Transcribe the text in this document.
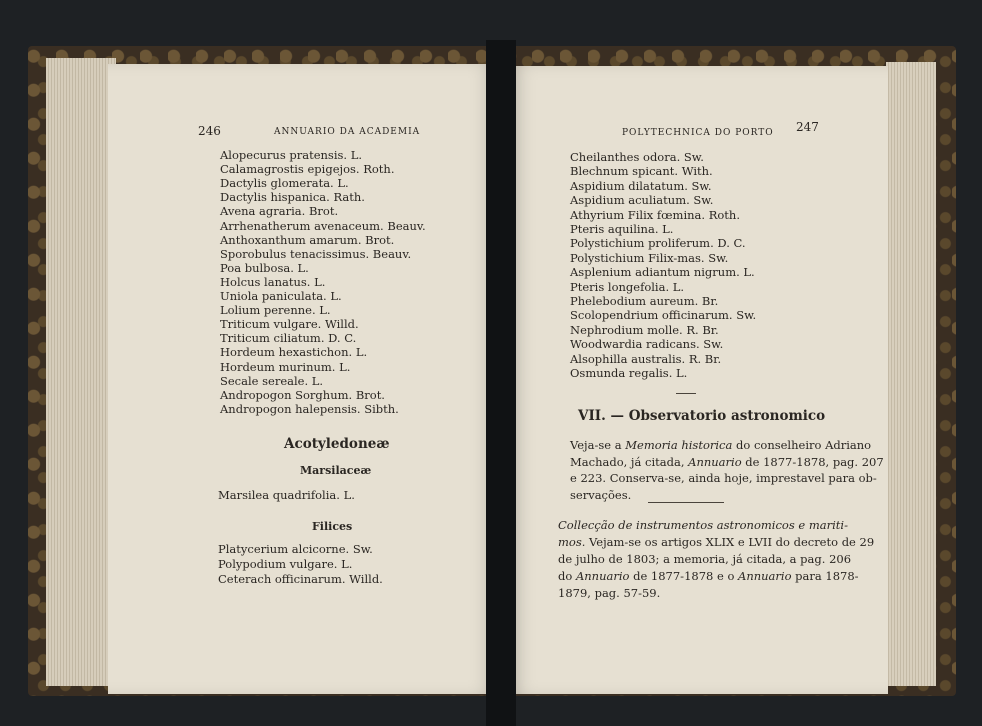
246	ANNUARIO DA ACADEMIA
Alopecurus pratensis. L.
Calamagrostis epigejos. Roth.
Dactylis glomerata. L.
Dactylis hispanica. Rath.
Avena agraria. Brot.
Arrhenatherum avenaceum. Beauv.
Anthoxanthum amarum. Brot.
Sporobulus tenacissimus. Beauv.
Poa bulbosa. L.
Holcus lanatus. L.
Uniola paniculata. L.
Lolium perenne. L.
Triticum vulgare. Willd.
Triticum ciliatum. D. C.
Hordeum hexastichon. L.
Hordeum murinum. L.
Secale sereale. L.
Andropogon Sorghum. Brot.
Andropogon halepensis. Sibth.
Acotyledoneæ
Marsilaceæ
Marsilea quadrifolia. L.
Filices
Platycerium alcicorne. Sw.
Polypodium vulgare. L.
Ceterach officinarum. Willd.
POLYTECHNICA DO PORTO 247
Cheilanthes odora. Sw.
Blechnum spicant. With.
Aspidium dilatatum. Sw.
Aspidium aculiatum. Sw.
Athyrium Filix fœmina. Roth.
Pteris aquilina. L.
Polystichium proliferum. D. C.
Polystichium Filix-mas. Sw.
Asplenium adiantum nigrum. L.
Pteris longefolia. L.
Phelebodium aureum. Br.
Scolopendrium officinarum. Sw.
Nephrodium molle. R. Br.
Woodwardia radicans. Sw.
Alsophilla australis. R. Br.
Osmunda regalis. L.
VII. — Observatorio astronomico
Veja-se a Memoria historica do conselheiro Adriano
Machado, já citada, Annuario de 1877-1878, pag. 207
e 223. Conserva-se, ainda hoje, imprestavel para ob-
servações.
Collecção de instrumentos astronomicos e mariti-
mos. Vejam-se os artigos XLIX e LVII do decreto de 29
de julho de 1803; a memoria, já citada, a pag. 206
do Annuario de 1877-1878 e o Annuario para 1878-
1879, pag. 57-59.
